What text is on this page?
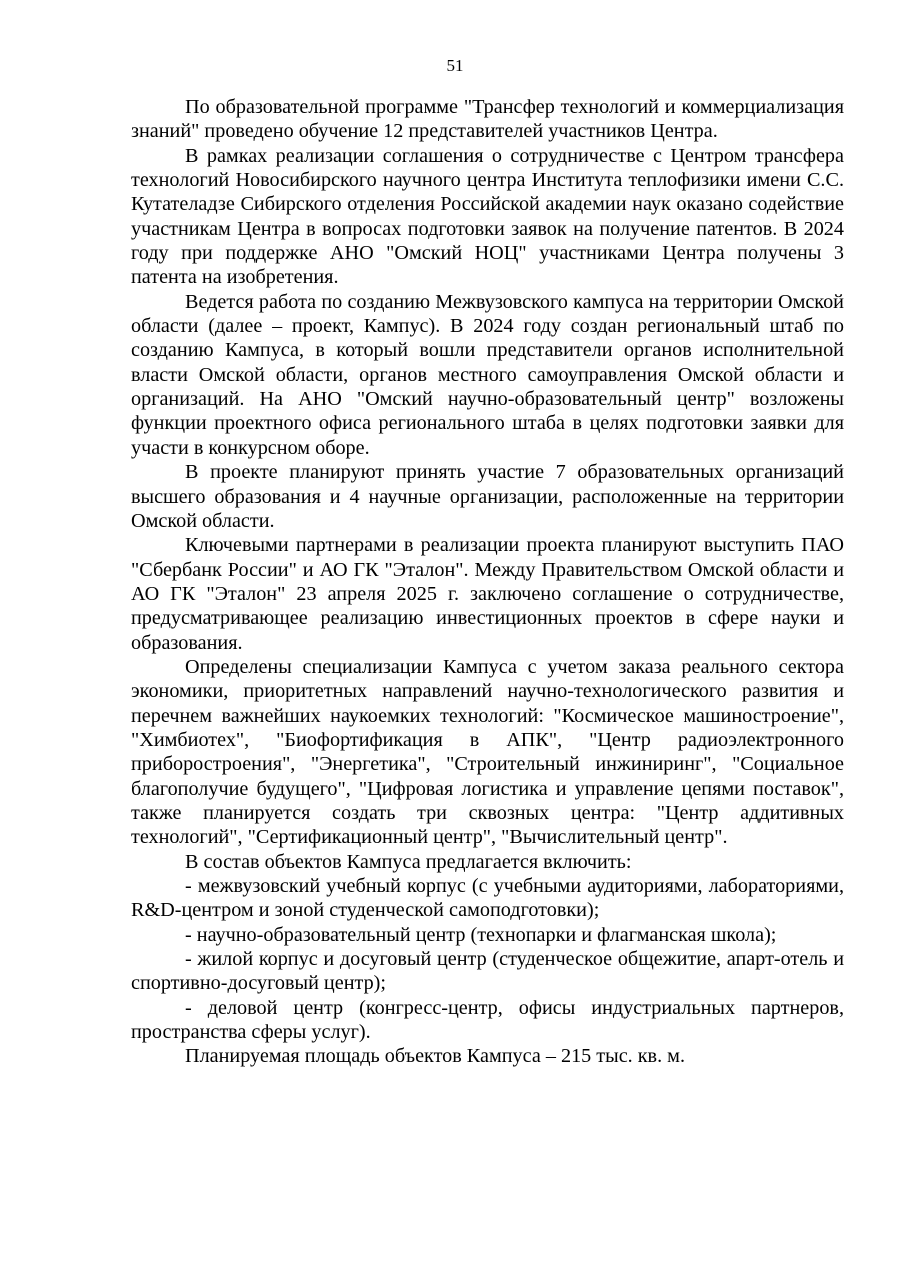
51

По образовательной программе "Трансфер технологий и коммерциализация знаний" проведено обучение 12 представителей участников Центра.

В рамках реализации соглашения о сотрудничестве с Центром трансфера технологий Новосибирского научного центра Института теплофизики имени С.С. Кутателадзе Сибирского отделения Российской академии наук оказано содействие участникам Центра в вопросах подготовки заявок на получение патентов. В 2024 году при поддержке АНО "Омский НОЦ" участниками Центра получены 3 патента на изобретения.

Ведется работа по созданию Межвузовского кампуса на территории Омской области (далее – проект, Кампус). В 2024 году создан региональный штаб по созданию Кампуса, в который вошли представители органов исполнительной власти Омской области, органов местного самоуправления Омской области и организаций. На АНО "Омский научно-образовательный центр" возложены функции проектного офиса регионального штаба в целях подготовки заявки для участи в конкурсном оборе.

В проекте планируют принять участие 7 образовательных организаций высшего образования и 4 научные организации, расположенные на территории Омской области.

Ключевыми партнерами в реализации проекта планируют выступить ПАО "Сбербанк России" и АО ГК "Эталон". Между Правительством Омской области и АО ГК "Эталон" 23 апреля 2025 г. заключено соглашение о сотрудничестве, предусматривающее реализацию инвестиционных проектов в сфере науки и образования.

Определены специализации Кампуса с учетом заказа реального сектора экономики, приоритетных направлений научно-технологического развития и перечнем важнейших наукоемких технологий: "Космическое машиностроение", "Химбиотех", "Биофортификация в АПК", "Центр радиоэлектронного приборостроения", "Энергетика", "Строительный инжиниринг", "Социальное благополучие будущего", "Цифровая логистика и управление цепями поставок", также планируется создать три сквозных центра: "Центр аддитивных технологий", "Сертификационный центр", "Вычислительный центр".

В состав объектов Кампуса предлагается включить:

- межвузовский учебный корпус (с учебными аудиториями, лабораториями, R&D-центром и зоной студенческой самоподготовки);

- научно-образовательный центр (технопарки и флагманская школа);

- жилой корпус и досуговый центр (студенческое общежитие, апарт-отель и спортивно-досуговый центр);

- деловой центр (конгресс-центр, офисы индустриальных партнеров, пространства сферы услуг).

Планируемая площадь объектов Кампуса – 215 тыс. кв. м.
